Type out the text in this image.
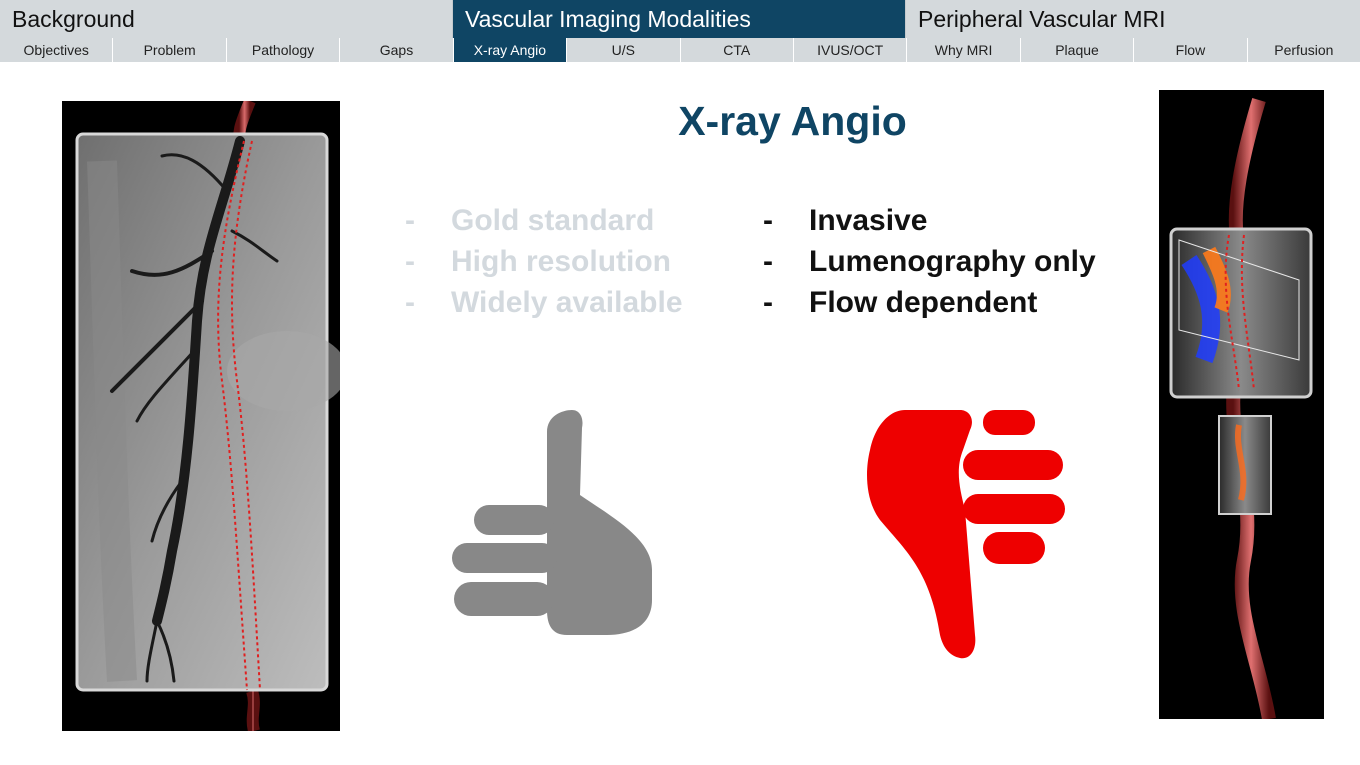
Background	Vascular Imaging Modalities	Peripheral Vascular MRI
Objectives	Problem	Pathology	Gaps	X-ray Angio	U/S	CTA	IVUS/OCT	Why MRI	Plaque	Flow	Perfusion
X-ray Angio
-	Gold standard
-	High resolution
-	Widely available
-	Invasive
-	Lumenography only
-	Flow dependent
